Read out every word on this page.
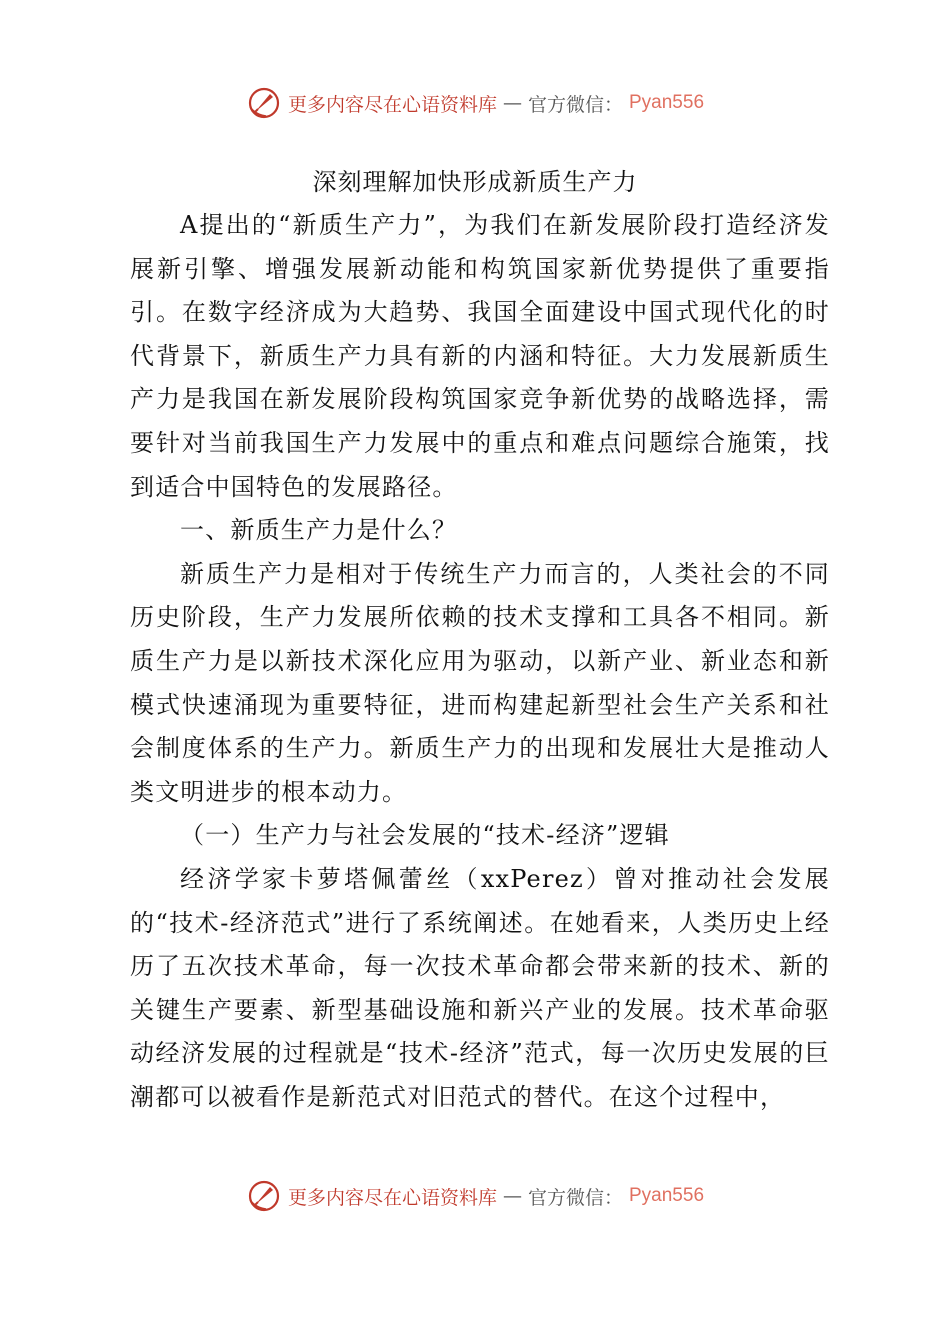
更多内容尽在心语资料库 — 官方微信： Pyan556
深刻理解加快形成新质生产力

A提出的“新质生产力”，为我们在新发展阶段打造经济发展新引擎、增强发展新动能和构筑国家新优势提供了重要指引。在数字经济成为大趋势、我国全面建设中国式现代化的时代背景下，新质生产力具有新的内涵和特征。大力发展新质生产力是我国在新发展阶段构筑国家竞争新优势的战略选择，需要针对当前我国生产力发展中的重点和难点问题综合施策，找到适合中国特色的发展路径。

一、新质生产力是什么？

新质生产力是相对于传统生产力而言的，人类社会的不同历史阶段，生产力发展所依赖的技术支撑和工具各不相同。新质生产力是以新技术深化应用为驱动，以新产业、新业态和新模式快速涌现为重要特征，进而构建起新型社会生产关系和社会制度体系的生产力。新质生产力的出现和发展壮大是推动人类文明进步的根本动力。

（一）生产力与社会发展的“技术-经济”逻辑

经济学家卡萝塔佩蕾丝（xxPerez）曾对推动社会发展的“技术-经济范式”进行了系统阐述。在她看来，人类历史上经历了五次技术革命，每一次技术革命都会带来新的技术、新的关键生产要素、新型基础设施和新兴产业的发展。技术革命驱动经济发展的过程就是“技术-经济”范式，每一次历史发展的巨潮都可以被看作是新范式对旧范式的替代。在这个过程中，

更多内容尽在心语资料库 — 官方微信： Pyan556
